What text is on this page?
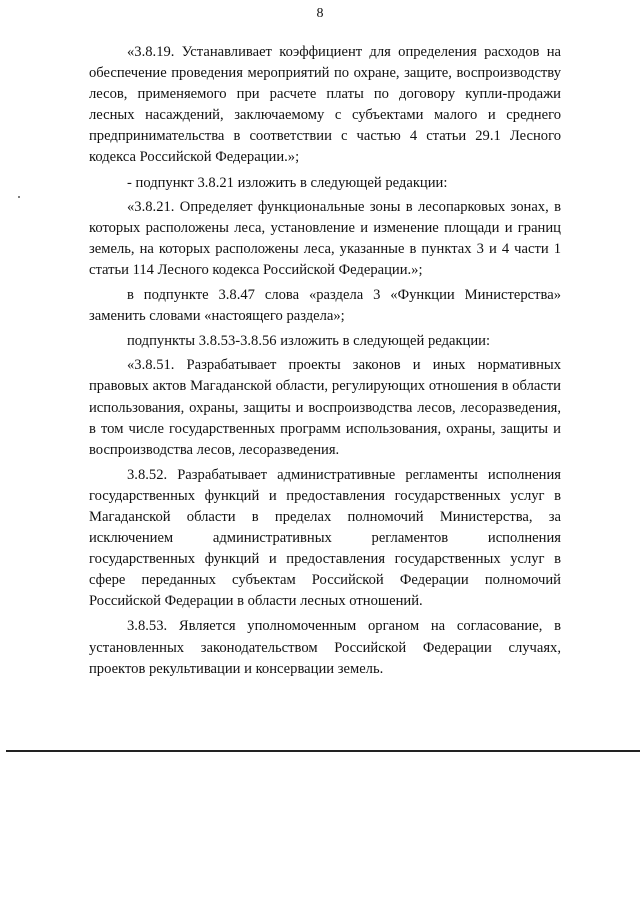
8

«3.8.19. Устанавливает коэффициент для определения расходов на обеспечение проведения мероприятий по охране, защите, воспроизводству лесов, применяемого при расчете платы по договору купли-продажи лесных насаждений, заключаемому с субъектами малого и среднего предпринимательства в соответствии с частью 4 статьи 29.1 Лесного кодекса Российской Федерации.»;

- подпункт 3.8.21 изложить в следующей редакции:

«3.8.21. Определяет функциональные зоны в лесопарковых зонах, в которых расположены леса, установление и изменение площади и границ земель, на которых расположены леса, указанные в пунктах 3 и 4 части 1 статьи 114 Лесного кодекса Российской Федерации.»;

в подпункте 3.8.47 слова «раздела 3 «Функции Министерства» заменить словами «настоящего раздела»;

подпункты 3.8.53-3.8.56 изложить в следующей редакции:

«3.8.51. Разрабатывает проекты законов и иных нормативных правовых актов Магаданской области, регулирующих отношения в области использования, охраны, защиты и воспроизводства лесов, лесоразведения, в том числе государственных программ использования, охраны, защиты и воспроизводства лесов, лесоразведения.

3.8.52. Разрабатывает административные регламенты исполнения государственных функций и предоставления государственных услуг в Магаданской области в пределах полномочий Министерства, за исключением административных регламентов исполнения государственных функций и предоставления государственных услуг в сфере переданных субъектам Российской Федерации полномочий Российской Федерации в области лесных отношений.

3.8.53. Является уполномоченным органом на согласование, в установленных законодательством Российской Федерации случаях, проектов рекультивации и консервации земель.
